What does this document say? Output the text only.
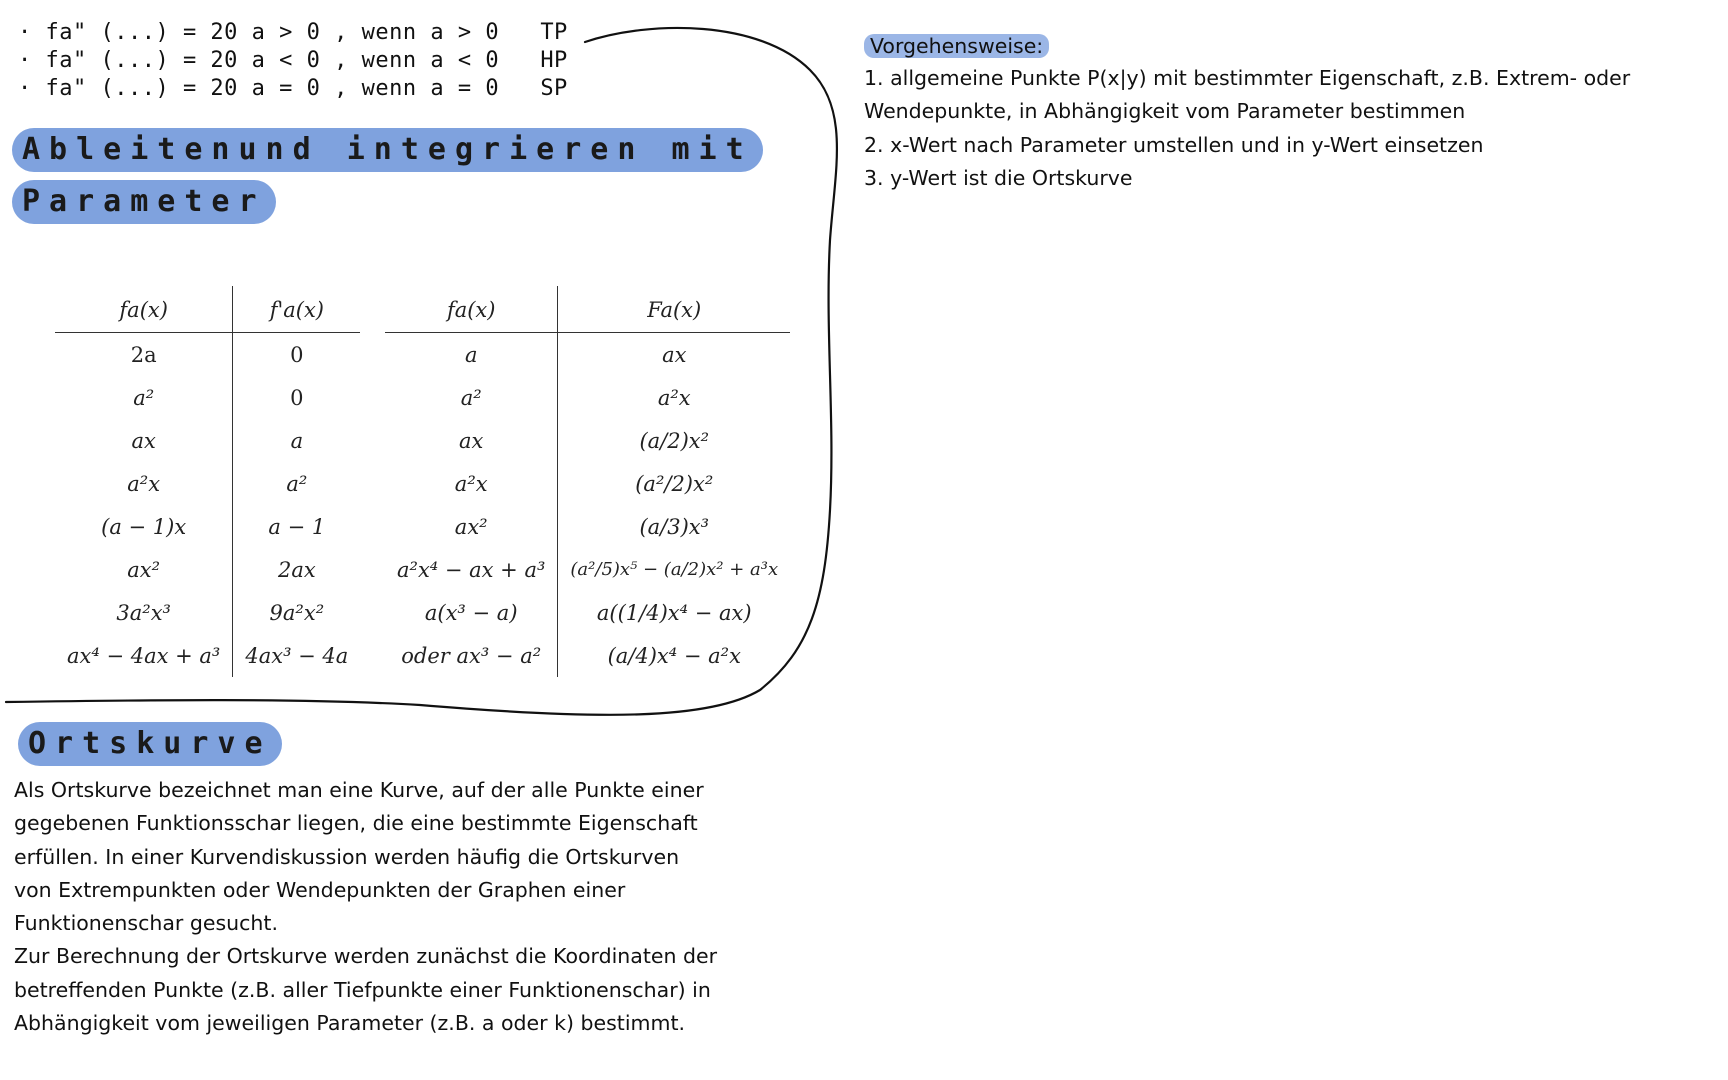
· fa" (...) = 20 a > 0 , wenn a > 0   TP
· fa" (...) = 20 a < 0 , wenn a < 0   HP
· fa" (...) = 20 a = 0 , wenn a = 0   SP
Ableitenund integrieren mit
Parameter
fa(x)	f'a(x)
2a	0
a²	0
ax	a
a²x	a²
(a − 1)x	a − 1
ax²	2ax
3a²x³	9a²x²
ax⁴ − 4ax + a³	4ax³ − 4a
fa(x)	Fa(x)
a	ax
a²	a²x
ax	(a/2)x²
a²x	(a²/2)x²
ax²	(a/3)x³
a²x⁴ − ax + a³	(a²/5)x⁵ − (a/2)x² + a³x
a(x³ − a)	a((1/4)x⁴ − ax)
oder ax³ − a²	(a/4)x⁴ − a²x
Ortskurve
Als Ortskurve bezeichnet man eine Kurve, auf der alle Punkte einer
gegebenen Funktionsschar liegen, die eine bestimmte Eigenschaft
erfüllen. In einer Kurvendiskussion werden häufig die Ortskurven
von Extrempunkten oder Wendepunkten der Graphen einer
Funktionenschar gesucht.
Zur Berechnung der Ortskurve werden zunächst die Koordinaten der
betreffenden Punkte (z.B. aller Tiefpunkte einer Funktionenschar) in
Abhängigkeit vom jeweiligen Parameter (z.B. a oder k) bestimmt.
Vorgehensweise:
1. allgemeine Punkte P(x|y) mit bestimmter Eigenschaft, z.B. Extrem- oder
Wendepunkte, in Abhängigkeit vom Parameter bestimmen
2. x-Wert nach Parameter umstellen und in y-Wert einsetzen
3. y-Wert ist die Ortskurve
